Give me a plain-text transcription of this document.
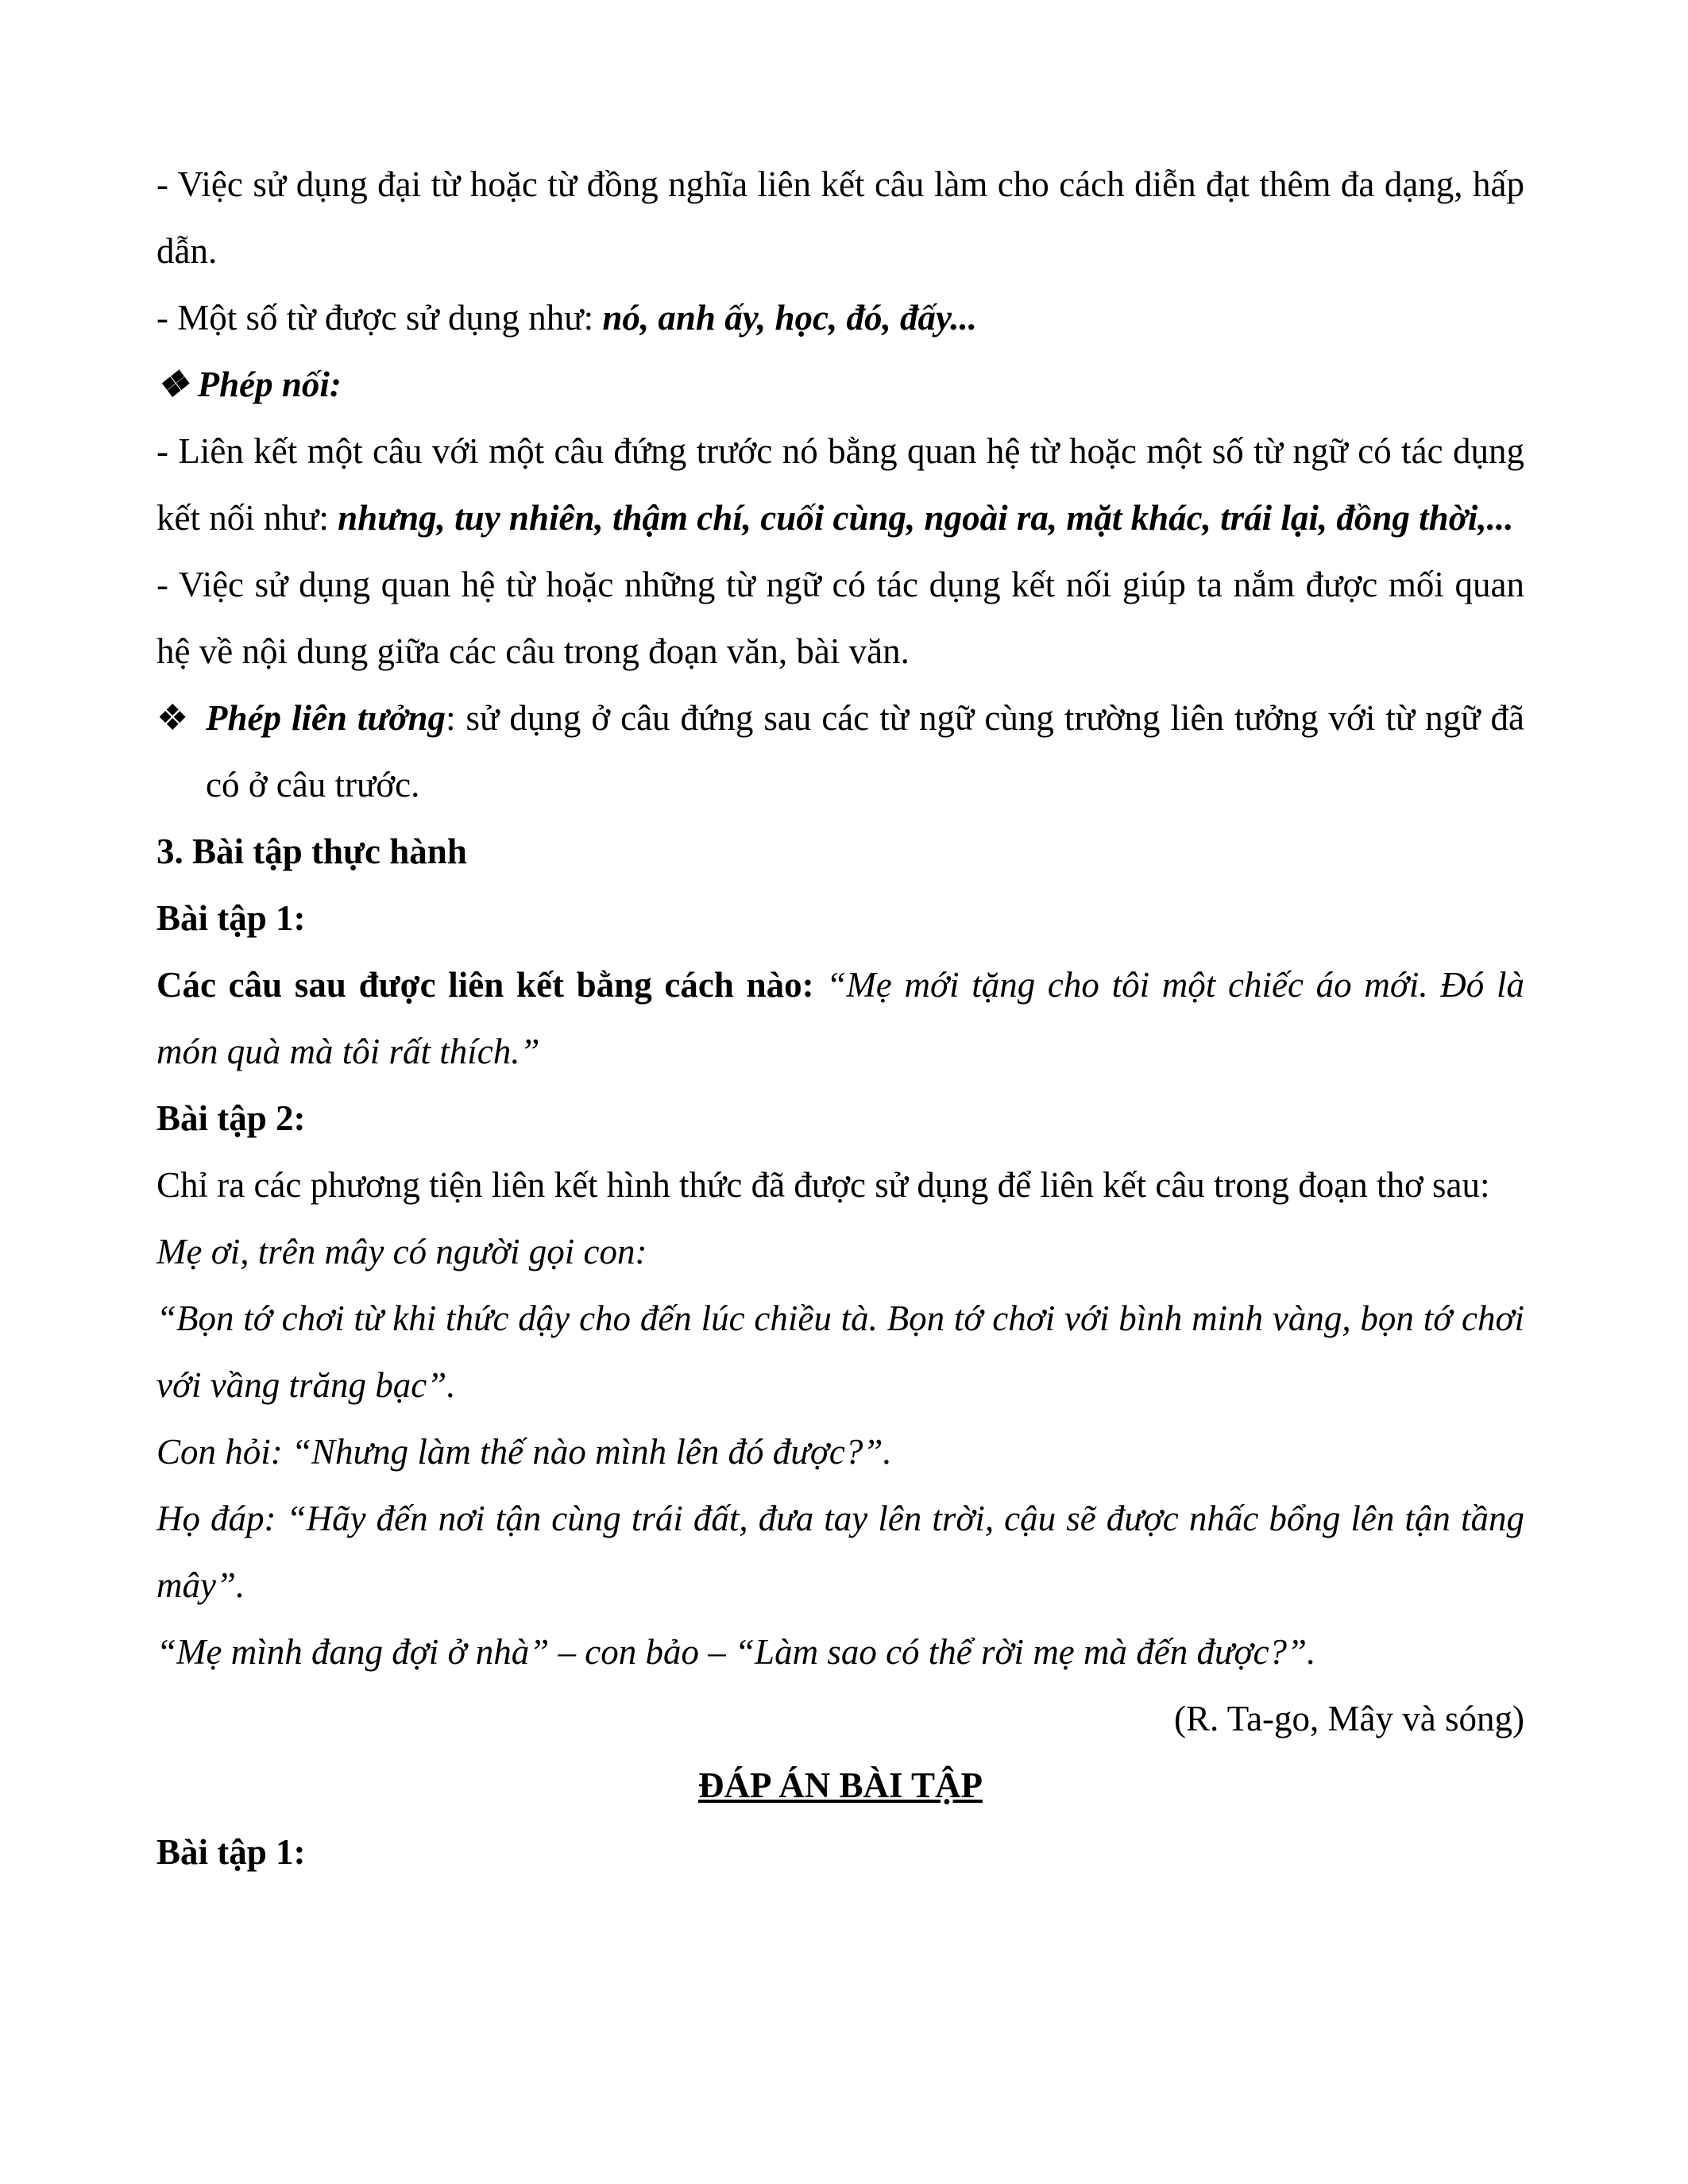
- Việc sử dụng đại từ hoặc từ đồng nghĩa liên kết câu làm cho cách diễn đạt thêm đa dạng, hấp dẫn.

- Một số từ được sử dụng như: nó, anh ấy, học, đó, đấy...

❖ Phép nối:

- Liên kết một câu với một câu đứng trước nó bằng quan hệ từ hoặc một số từ ngữ có tác dụng kết nối như: nhưng, tuy nhiên, thậm chí, cuối cùng, ngoài ra, mặt khác, trái lại, đồng thời,...

- Việc sử dụng quan hệ từ hoặc những từ ngữ có tác dụng kết nối giúp ta nắm được mối quan hệ về nội dung giữa các câu trong đoạn văn, bài văn.

❖ Phép liên tưởng: sử dụng ở câu đứng sau các từ ngữ cùng trường liên tưởng với từ ngữ đã có ở câu trước.

3. Bài tập thực hành

Bài tập 1:

Các câu sau được liên kết bằng cách nào: “Mẹ mới tặng cho tôi một chiếc áo mới. Đó là món quà mà tôi rất thích.”

Bài tập 2:

Chỉ ra các phương tiện liên kết hình thức đã được sử dụng để liên kết câu trong đoạn thơ sau:

Mẹ ơi, trên mây có người gọi con:

“Bọn tớ chơi từ khi thức dậy cho đến lúc chiều tà. Bọn tớ chơi với bình minh vàng, bọn tớ chơi với vầng trăng bạc”.

Con hỏi: “Nhưng làm thế nào mình lên đó được?”.

Họ đáp: “Hãy đến nơi tận cùng trái đất, đưa tay lên trời, cậu sẽ được nhấc bổng lên tận tầng mây”.

“Mẹ mình đang đợi ở nhà” – con bảo – “Làm sao có thể rời mẹ mà đến được?”.

(R. Ta-go, Mây và sóng)

ĐÁP ÁN BÀI TẬP

Bài tập 1:
